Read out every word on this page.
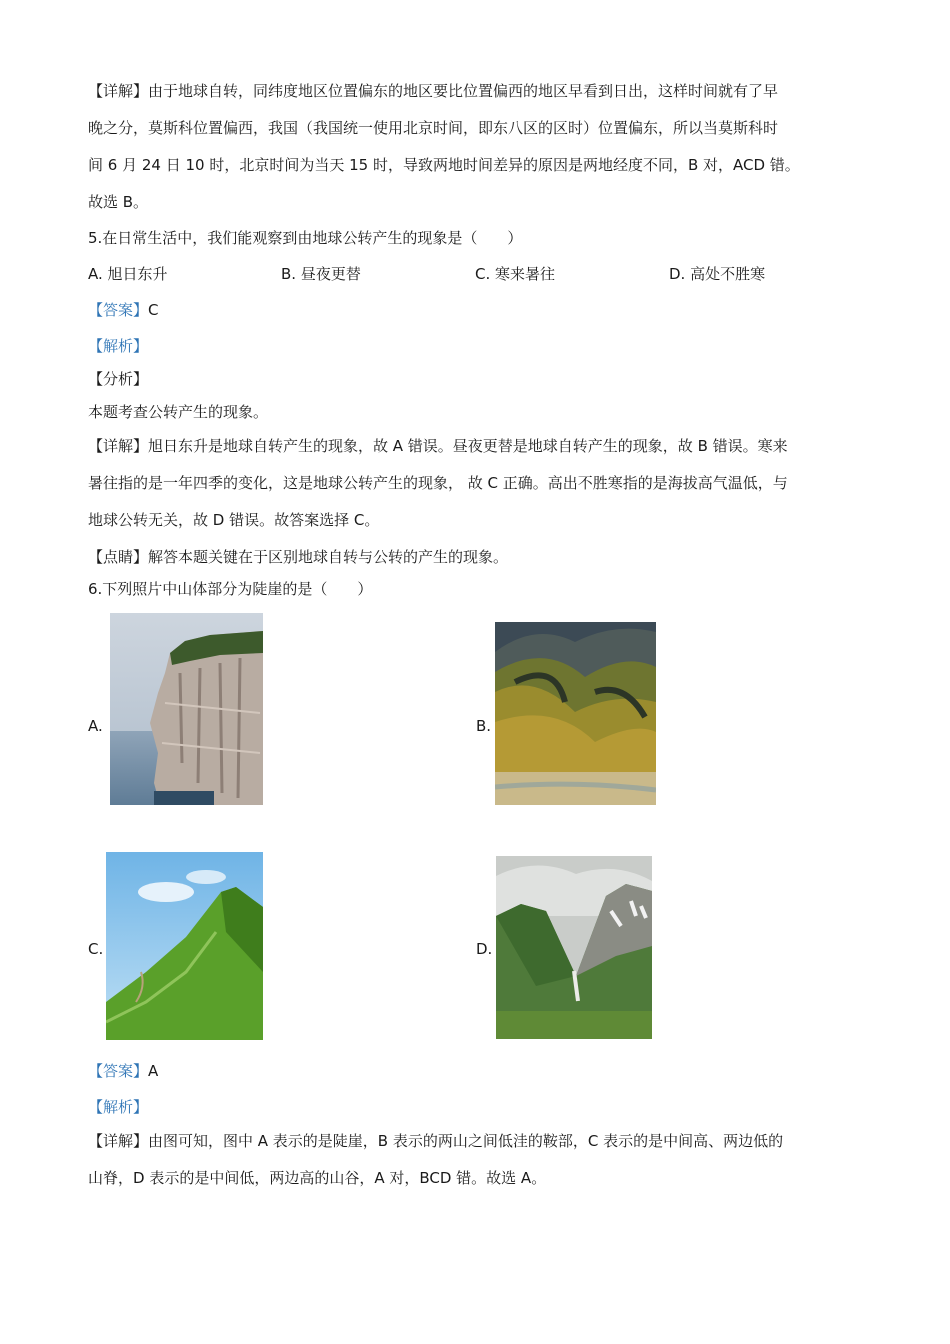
【详解】由于地球自转，同纬度地区位置偏东的地区要比位置偏西的地区早看到日出，这样时间就有了早
晚之分，莫斯科位置偏西，我国（我国统一使用北京时间，即东八区的区时）位置偏东，所以当莫斯科时
间 6 月 24 日 10 时，北京时间为当天 15 时，导致两地时间差异的原因是两地经度不同，B 对，ACD 错。
故选 B。
5.在日常生活中，我们能观察到由地球公转产生的现象是（　　）
A. 旭日东升	B. 昼夜更替	C. 寒来暑往	D. 高处不胜寒
【答案】C
【解析】
【分析】
本题考查公转产生的现象。
【详解】旭日东升是地球自转产生的现象，故 A 错误。昼夜更替是地球自转产生的现象，故 B 错误。寒来
暑往指的是一年四季的变化，这是地球公转产生的现象， 故 C 正确。高出不胜寒指的是海拔高气温低，与
地球公转无关，故 D 错误。故答案选择 C。
【点睛】解答本题关键在于区别地球自转与公转的产生的现象。
6.下列照片中山体部分为陡崖的是（　　）
A.	B.
C.	D.
【答案】A
【解析】
【详解】由图可知，图中 A 表示的是陡崖，B 表示的两山之间低洼的鞍部，C 表示的是中间高、两边低的
山脊，D 表示的是中间低，两边高的山谷，A 对，BCD 错。故选 A。
